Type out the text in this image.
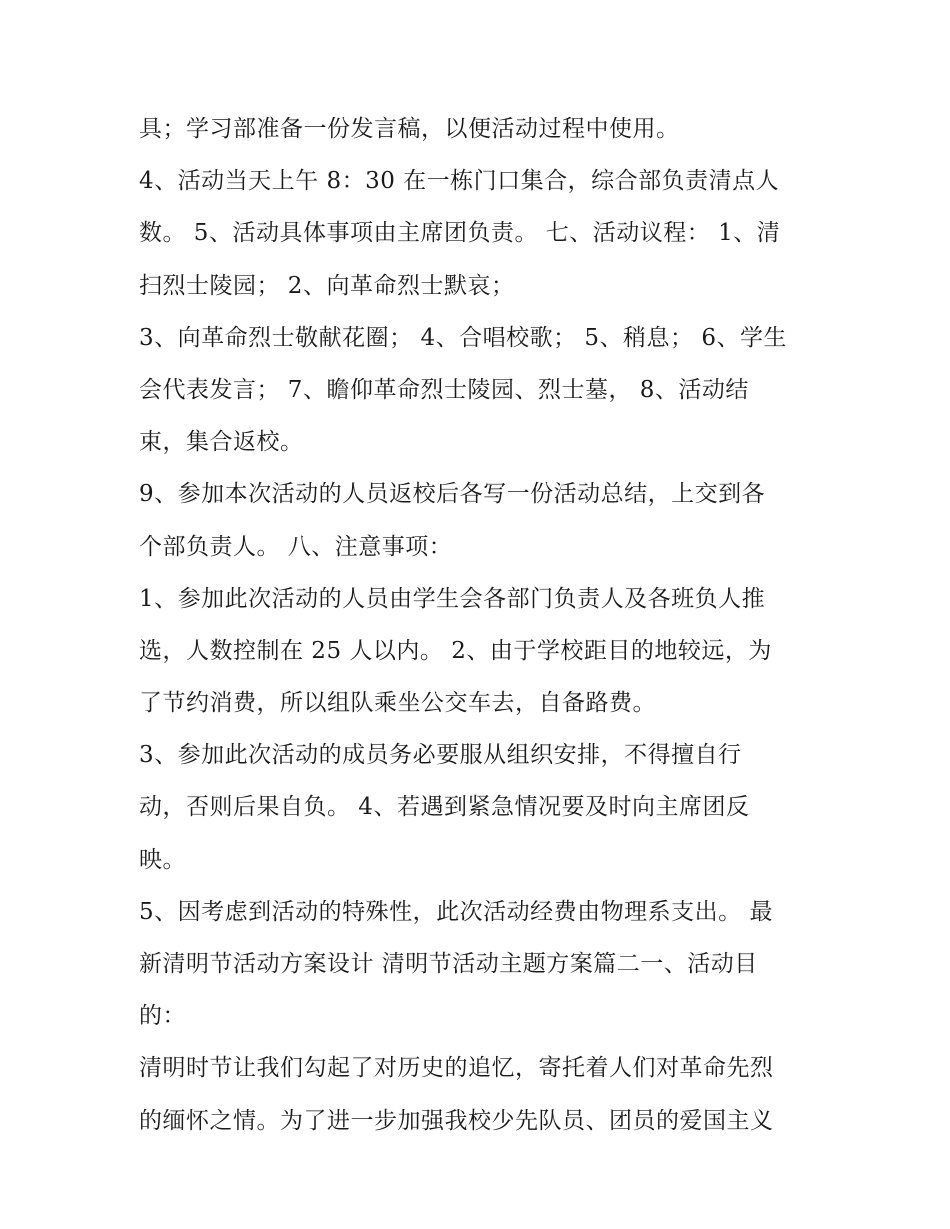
具；学习部准备一份发言稿，以便活动过程中使用。
4、活动当天上午 8：30 在一栋门口集合，综合部负责清点人
数。 5、活动具体事项由主席团负责。 七、活动议程： 1、清
扫烈士陵园； 2、向革命烈士默哀；
3、向革命烈士敬献花圈； 4、合唱校歌； 5、稍息； 6、学生
会代表发言； 7、瞻仰革命烈士陵园、烈士墓， 8、活动结
束，集合返校。
9、参加本次活动的人员返校后各写一份活动总结，上交到各
个部负责人。 八、注意事项：
1、参加此次活动的人员由学生会各部门负责人及各班负人推
选，人数控制在 25 人以内。 2、由于学校距目的地较远，为
了节约消费，所以组队乘坐公交车去，自备路费。
3、参加此次活动的成员务必要服从组织安排，不得擅自行
动，否则后果自负。 4、若遇到紧急情况要及时向主席团反
映。
5、因考虑到活动的特殊性，此次活动经费由物理系支出。 最
新清明节活动方案设计 清明节活动主题方案篇二一、活动目
的：
清明时节让我们勾起了对历史的追忆，寄托着人们对革命先烈
的缅怀之情。为了进一步加强我校少先队员、团员的爱国主义
